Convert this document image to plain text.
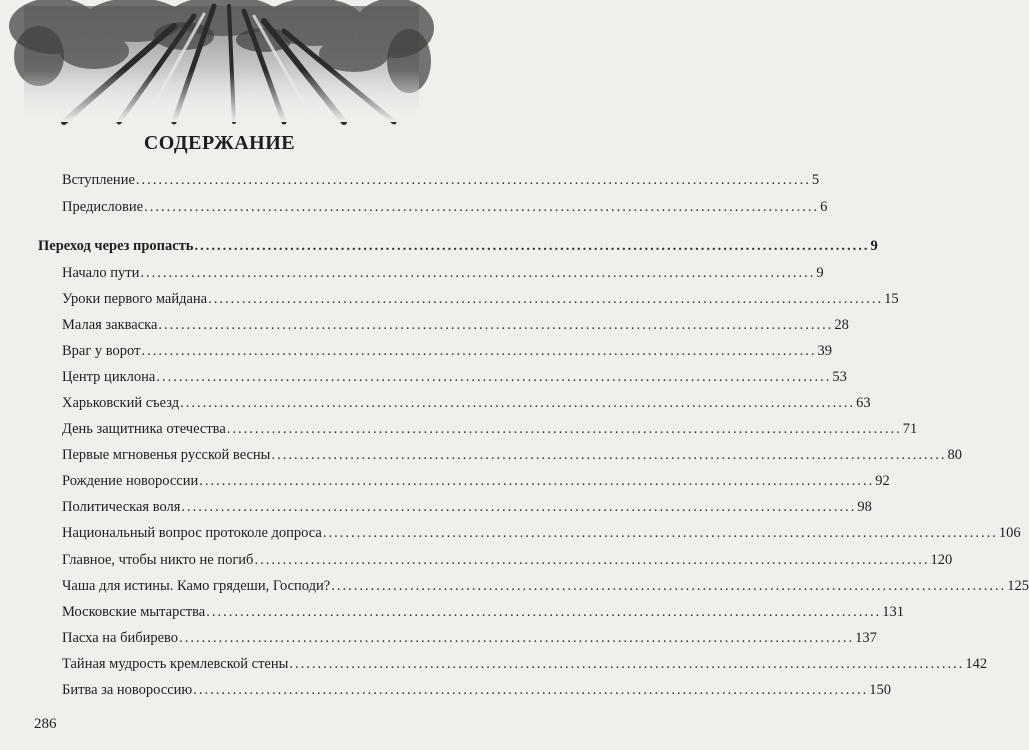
СОДЕРЖАНИЕ
Вступление ........................................................................................................................ 5
Предисловие ........................................................................................................................ 6
Переход через пропасть ........................................................................................................................ 9
Начало пути ........................................................................................................................ 9
Уроки первого майдана ........................................................................................................................ 15
Малая закваска ........................................................................................................................ 28
Враг у ворот ........................................................................................................................ 39
Центр циклона ........................................................................................................................ 53
Харьковский съезд ........................................................................................................................ 63
День защитника отечества ........................................................................................................................ 71
Первые мгновенья русской весны ........................................................................................................................ 80
Рождение новороссии ........................................................................................................................ 92
Политическая воля ........................................................................................................................ 98
Национальный вопрос протоколе допроса ........................................................................................................................ 106
Главное, чтобы никто не погиб ........................................................................................................................ 120
Чаша для истины. Камо грядеши, Господи? ........................................................................................................................ 125
Московские мытарства ........................................................................................................................ 131
Пасха на бибирево ........................................................................................................................ 137
Тайная мудрость кремлевской стены ........................................................................................................................ 142
Битва за новороссию ........................................................................................................................ 150
286
